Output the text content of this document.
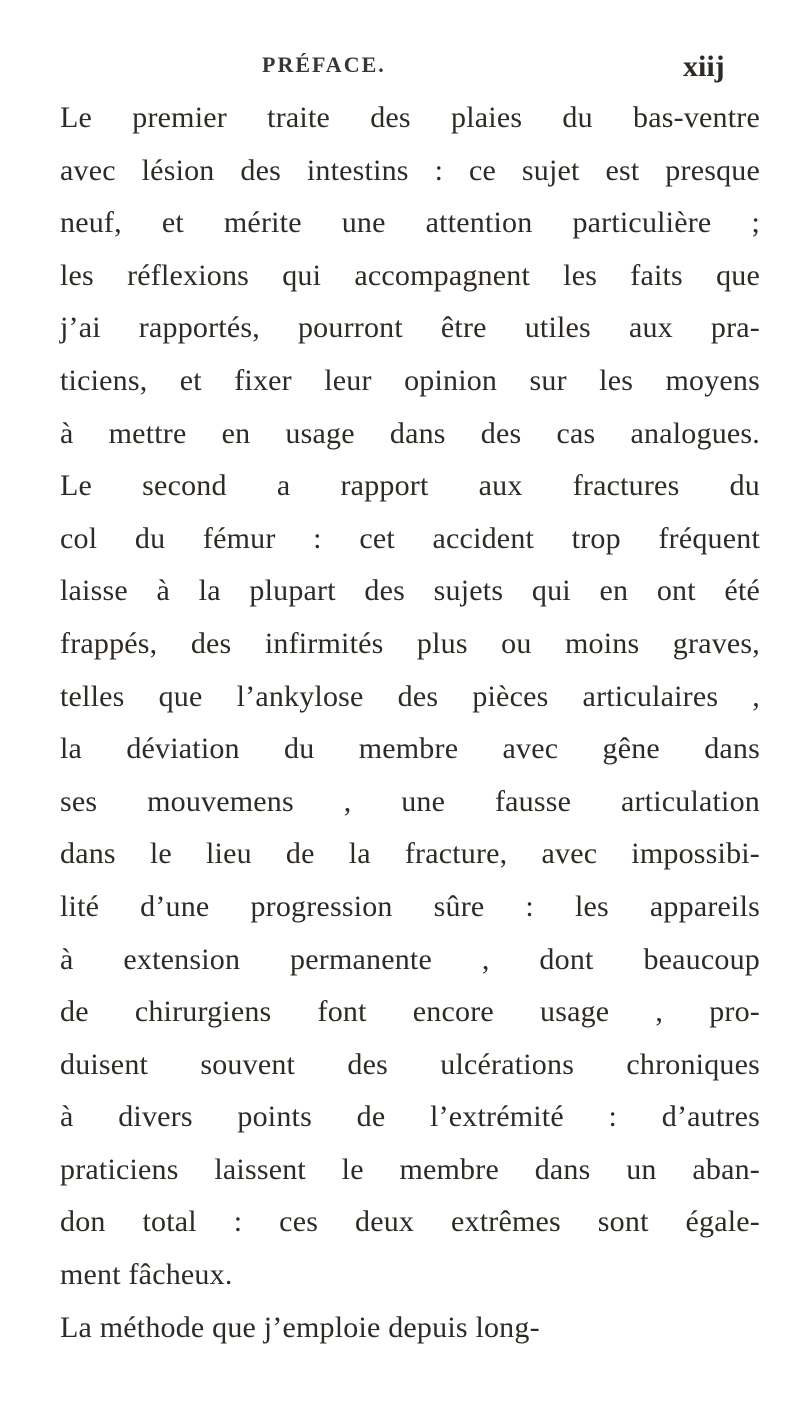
PRÉFACE.	xiij
Le premier traite des plaies du bas-ventre
avec lésion des intestins : ce sujet est presque
neuf, et mérite une attention particulière ;
les réflexions qui accompagnent les faits que
j’ai rapportés, pourront être utiles aux pra-
ticiens, et fixer leur opinion sur les moyens
à mettre en usage dans des cas analogues.
Le second a rapport aux fractures du
col du fémur : cet accident trop fréquent
laisse à la plupart des sujets qui en ont été
frappés, des infirmités plus ou moins graves,
telles que l’ankylose des pièces articulaires ,
la déviation du membre avec gêne dans
ses mouvemens , une fausse articulation
dans le lieu de la fracture, avec impossibi-
lité d’une progression sûre : les appareils
à extension permanente , dont beaucoup
de chirurgiens font encore usage , pro-
duisent souvent des ulcérations chroniques
à divers points de l’extrémité : d’autres
praticiens laissent le membre dans un aban-
don total : ces deux extrêmes sont égale-
ment fâcheux.
La méthode que j’emploie depuis long-
